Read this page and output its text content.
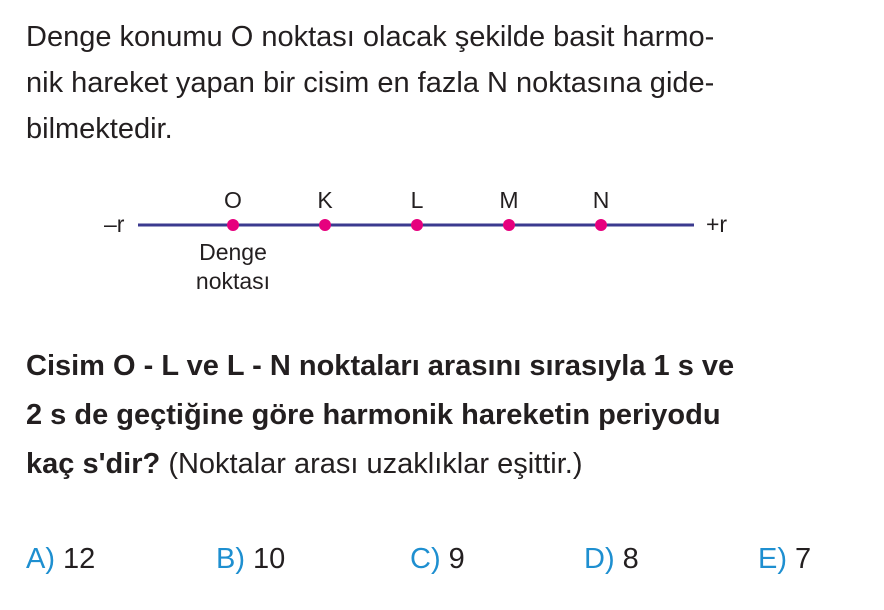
Denge konumu O noktası olacak şekilde basit harmo-
nik hareket yapan bir cisim en fazla N noktasına gide-
bilmektedir.

–r	+r
O	K	L	M	N
Denge
noktası

Cisim O - L ve L - N noktaları arasını sırasıyla 1 s ve
2 s de geçtiğine göre harmonik hareketin periyodu
kaç s'dir? (Noktalar arası uzaklıklar eşittir.)

A) 12	B) 10	C) 9	D) 8	E) 7
